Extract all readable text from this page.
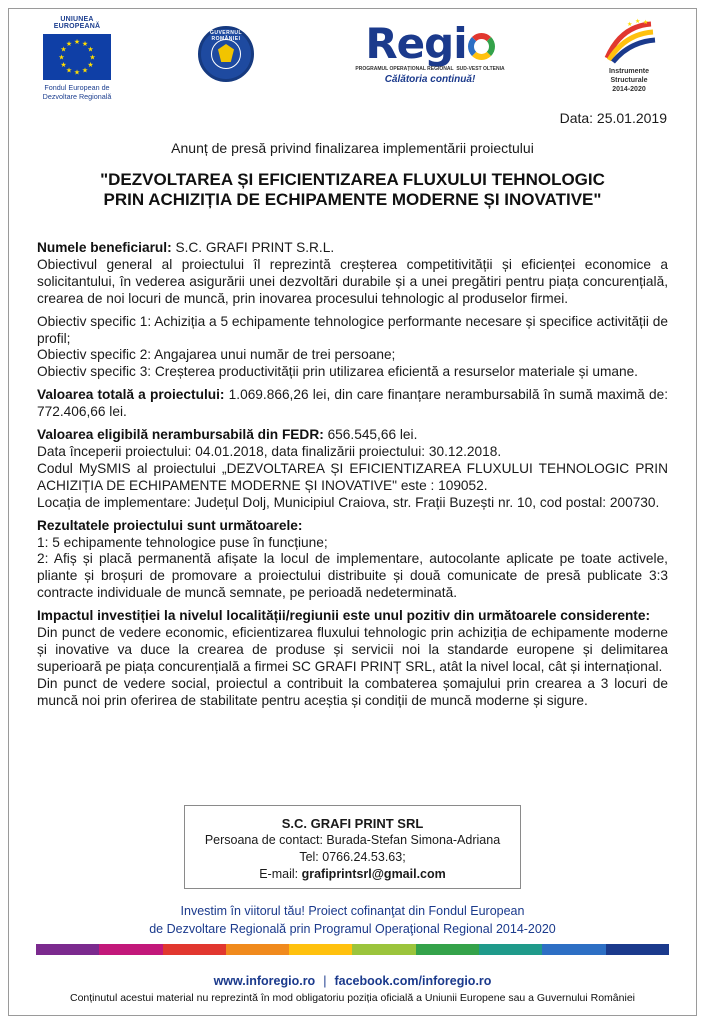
UNIUNEA EUROPEANĂ
★ ★
★
★
★
★
★
★
★
★
★
★
Fondul European de
Dezvoltare Regională
GUVERNUL ROMÂNIEI	Regi
PROGRAMUL OPERAȚIONAL REGIONAL SUD-VEST OLTENIA
Călătoria continuă!
★ ★ ★
Instrumente Structurale
2014-2020
Data: 25.01.2019
Anunț de presă privind finalizarea implementării proiectului
"DEZVOLTAREA ȘI EFICIENTIZAREA FLUXULUI TEHNOLOGIC
PRIN ACHIZIȚIA DE ECHIPAMENTE MODERNE ȘI INOVATIVE"

Numele beneficiarul: S.C. GRAFI PRINT S.R.L.

Obiectivul general al proiectului îl reprezintă creșterea competitivității și eficienței economice a solicitantului, în vederea asigurării unei dezvoltări durabile și a unei pregătiri pentru piața concurențială, crearea de noi locuri de muncă, prin inovarea procesului tehnologic al produselor firmei.

Obiectiv specific 1: Achiziția a 5 echipamente tehnologice performante necesare și specifice activității de profil;

Obiectiv specific 2: Angajarea unui număr de trei persoane;

Obiectiv specific 3: Creșterea productivității prin utilizarea eficientă a resurselor materiale și umane.

Valoarea totală a proiectului: 1.069.866,26 lei, din care finanțare nerambursabilă în sumă maximă de: 772.406,66 lei.

Valoarea eligibilă nerambursabilă din FEDR: 656.545,66 lei.

Data începerii proiectului: 04.01.2018, data finalizării proiectului: 30.12.2018.

Codul MySMIS al proiectului „DEZVOLTAREA ȘI EFICIENTIZAREA FLUXULUI TEHNOLOGIC PRIN ACHIZIȚIA DE ECHIPAMENTE MODERNE ȘI INOVATIVE" este : 109052.

Locația de implementare: Județul Dolj, Municipiul Craiova, str. Frații Buzești nr. 10, cod postal: 200730.

Rezultatele proiectului sunt următoarele:

1: 5 echipamente tehnologice puse în funcțiune;

2: Afiș și placă permanentă afișate la locul de implementare, autocolante aplicate pe toate activele, pliante și broșuri de promovare a proiectului distribuite și două comunicate de presă publicate 3:3 contracte individuale de muncă semnate, pe perioadă nedeterminată.

Impactul investiției la nivelul localității/regiunii este unul pozitiv din următoarele considerente:

Din punct de vedere economic, eficientizarea fluxului tehnologic prin achiziția de echipamente moderne și inovative va duce la crearea de produse și servicii noi la standarde europene și delimitarea superioară pe piața concurențială a firmei SC GRAFI PRINȚ SRL, atât la nivel local, cât și internațional.

Din punct de vedere social, proiectul a contribuit la combaterea șomajului prin crearea a 3 locuri de muncă noi prin oferirea de stabilitate pentru aceștia și condiții de muncă moderne și sigure.

S.C. GRAFI PRINT SRL
Persoana de contact: Burada-Stefan Simona-Adriana
Tel: 0766.24.53.63;
E-mail: grafiprintsrl@gmail.com
Investim în viitorul tău! Proiect cofinanţat din Fondul European
de Dezvoltare Regională prin Programul Operaţional Regional 2014-2020
www.inforegio.ro | facebook.com/inforegio.ro
Conținutul acestui material nu reprezintă în mod obligatoriu poziția oficială a Uniunii Europene sau a Guvernului României
